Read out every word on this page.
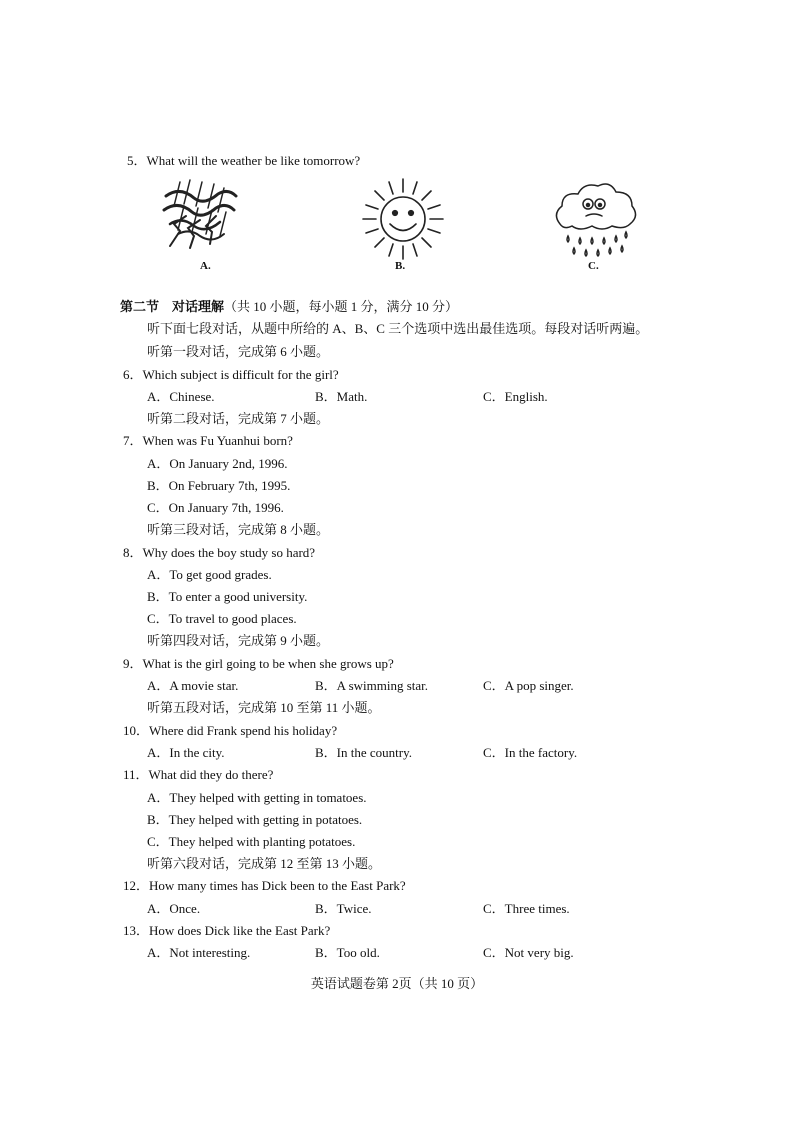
5．What will the weather be like tomorrow?
A.	B.	C.
第二节　对话理解（共 10 小题，每小题 1 分，满分 10 分）
听下面七段对话，从题中所给的 A、B、C 三个选项中选出最佳选项。每段对话听两遍。
听第一段对话，完成第 6 小题。
6．Which subject is difficult for the girl?
A．Chinese.	B．Math.	C．English.
听第二段对话，完成第 7 小题。
7．When was Fu Yuanhui born?
A．On January 2nd, 1996.
B．On February 7th, 1995.
C．On January 7th, 1996.
听第三段对话，完成第 8 小题。
8．Why does the boy study so hard?
A．To get good grades.
B．To enter a good university.
C．To travel to good places.
听第四段对话，完成第 9 小题。
9．What is the girl going to be when she grows up?
A．A movie star.	B．A swimming star.	C．A pop singer.
听第五段对话，完成第 10 至第 11 小题。
10．Where did Frank spend his holiday?
A．In the city.	B．In the country.	C．In the factory.
11．What did they do there?
A．They helped with getting in tomatoes.
B．They helped with getting in potatoes.
C．They helped with planting potatoes.
听第六段对话，完成第 12 至第 13 小题。
12．How many times has Dick been to the East Park?
A．Once.	B．Twice.	C．Three times.
13．How does Dick like the East Park?
A．Not interesting.	B．Too old.	C．Not very big.
英语试题卷第 2页（共 10 页）
